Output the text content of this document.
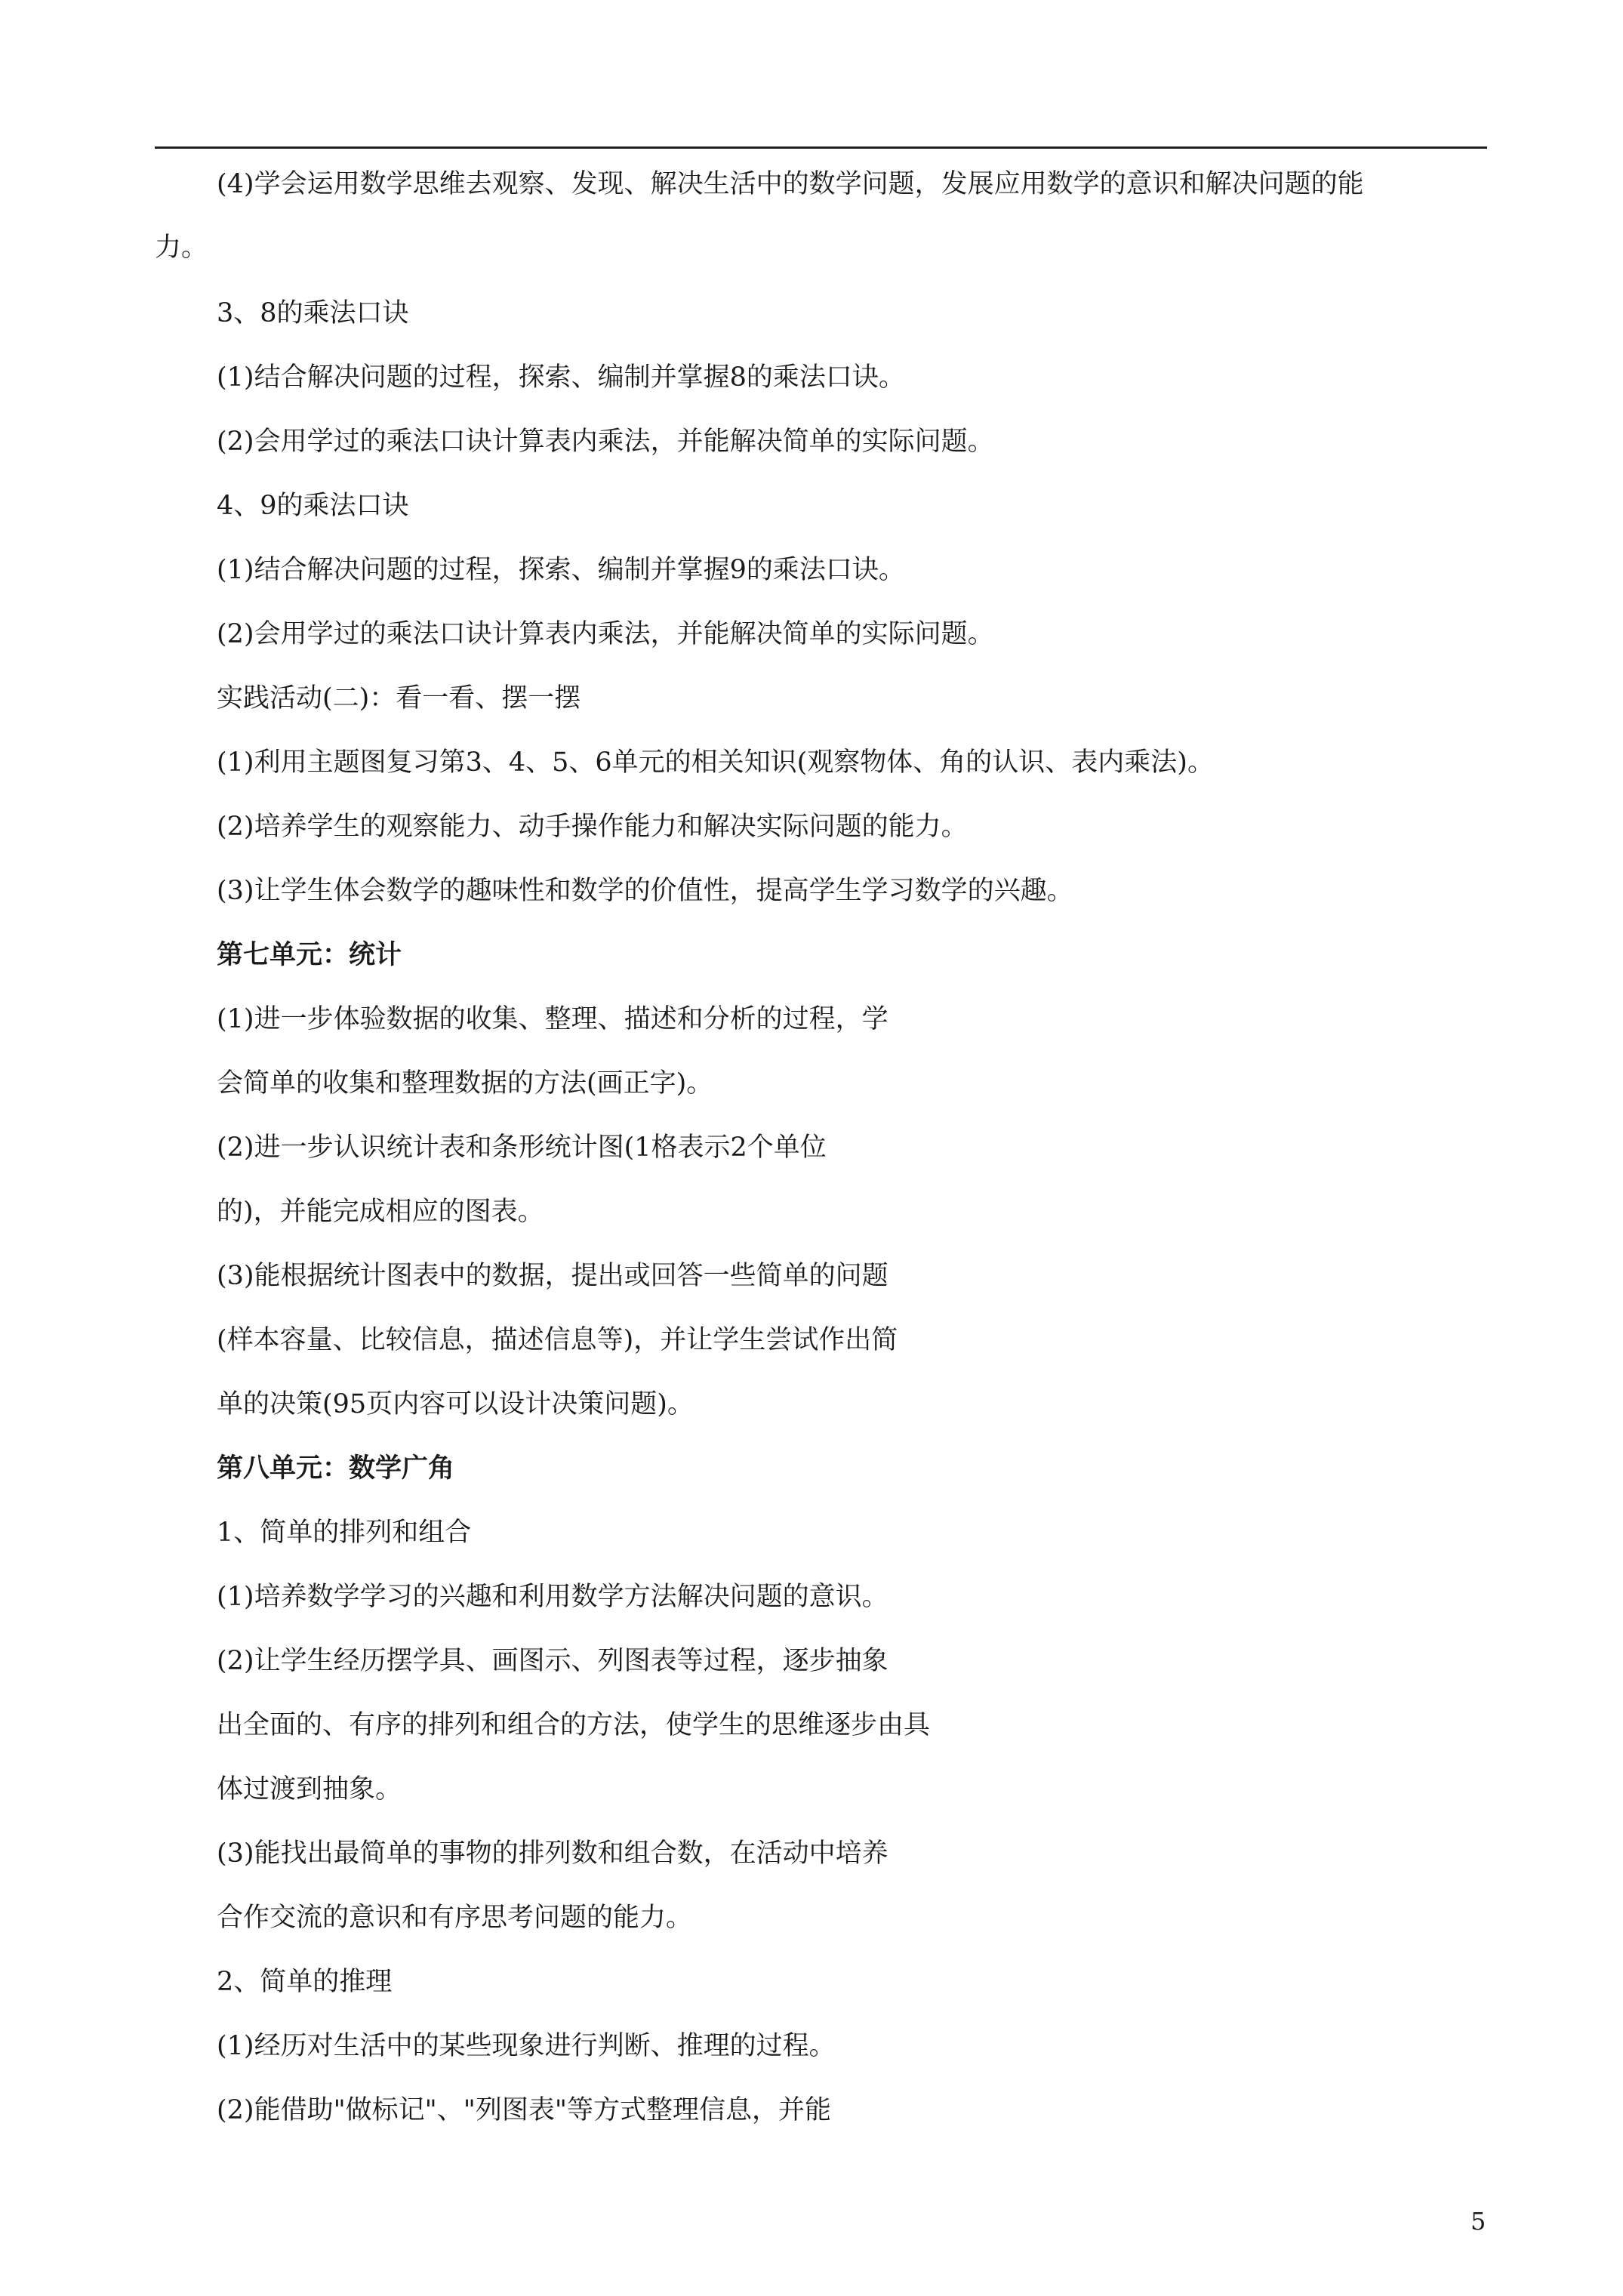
(4)学会运用数学思维去观察、发现、解决生活中的数学问题，发展应用数学的意识和解决问题的能
力。
3、8的乘法口诀
(1)结合解决问题的过程，探索、编制并掌握8的乘法口诀。
(2)会用学过的乘法口诀计算表内乘法，并能解决简单的实际问题。
4、9的乘法口诀
(1)结合解决问题的过程，探索、编制并掌握9的乘法口诀。
(2)会用学过的乘法口诀计算表内乘法，并能解决简单的实际问题。
实践活动(二)：看一看、摆一摆
(1)利用主题图复习第3、4、5、6单元的相关知识(观察物体、角的认识、表内乘法)。
(2)培养学生的观察能力、动手操作能力和解决实际问题的能力。
(3)让学生体会数学的趣味性和数学的价值性，提高学生学习数学的兴趣。
第七单元：统计
(1)进一步体验数据的收集、整理、描述和分析的过程，学
会简单的收集和整理数据的方法(画正字)。
(2)进一步认识统计表和条形统计图(1格表示2个单位
的)，并能完成相应的图表。
(3)能根据统计图表中的数据，提出或回答一些简单的问题
(样本容量、比较信息，描述信息等)，并让学生尝试作出简
单的决策(95页内容可以设计决策问题)。
第八单元：数学广角
1、简单的排列和组合
(1)培养数学学习的兴趣和利用数学方法解决问题的意识。
(2)让学生经历摆学具、画图示、列图表等过程，逐步抽象
出全面的、有序的排列和组合的方法，使学生的思维逐步由具
体过渡到抽象。
(3)能找出最简单的事物的排列数和组合数，在活动中培养
合作交流的意识和有序思考问题的能力。
2、简单的推理
(1)经历对生活中的某些现象进行判断、推理的过程。
(2)能借助"做标记"、"列图表"等方式整理信息，并能
5
